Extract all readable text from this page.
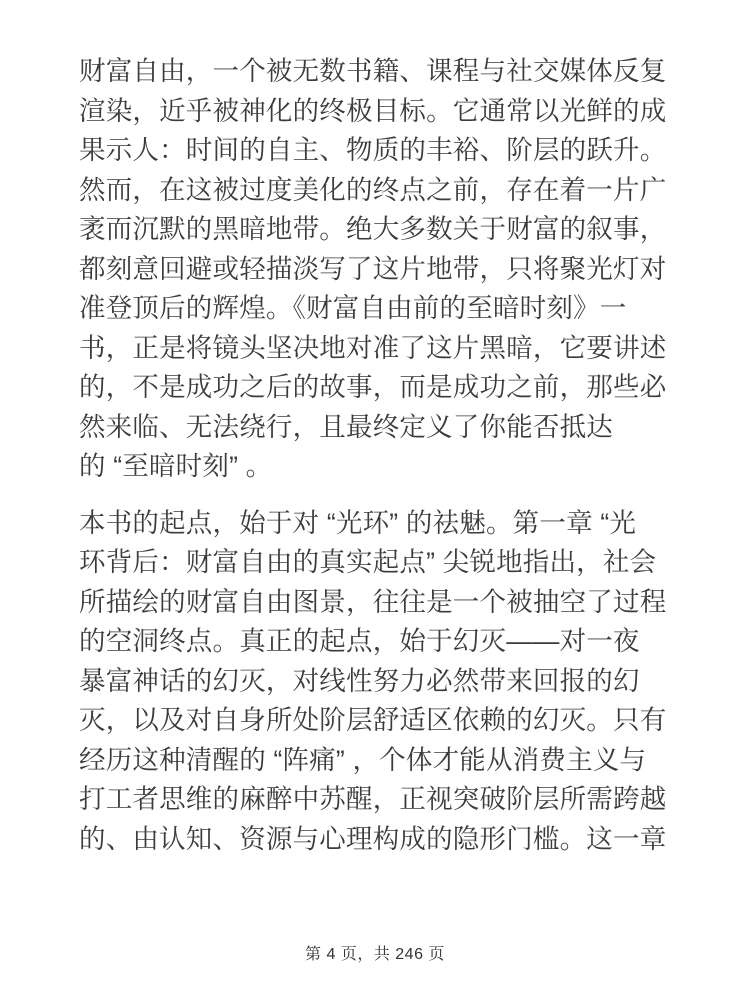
财富自由，一个被无数书籍、课程与社交媒体反复
渲染，近乎被神化的终极目标。它通常以光鲜的成
果示人：时间的自主、物质的丰裕、阶层的跃升。
然而，在这被过度美化的终点之前，存在着一片广
袤而沉默的黑暗地带。绝大多数关于财富的叙事，
都刻意回避或轻描淡写了这片地带，只将聚光灯对
准登顶后的辉煌。《财富自由前的至暗时刻》一
书，正是将镜头坚决地对准了这片黑暗，它要讲述
的，不是成功之后的故事，而是成功之前，那些必
然来临、无法绕行，且最终定义了你能否抵达
的 “至暗时刻” 。

本书的起点，始于对 “光环” 的祛魅。第一章 “光
环背后：财富自由的真实起点” 尖锐地指出，社会
所描绘的财富自由图景，往往是一个被抽空了过程
的空洞终点。真正的起点，始于幻灭——对一夜
暴富神话的幻灭，对线性努力必然带来回报的幻
灭，以及对自身所处阶层舒适区依赖的幻灭。只有
经历这种清醒的 “阵痛” ，个体才能从消费主义与
打工者思维的麻醉中苏醒，正视突破阶层所需跨越
的、由认知、资源与心理构成的隐形门槛。这一章

第 4 页，共 246 页
